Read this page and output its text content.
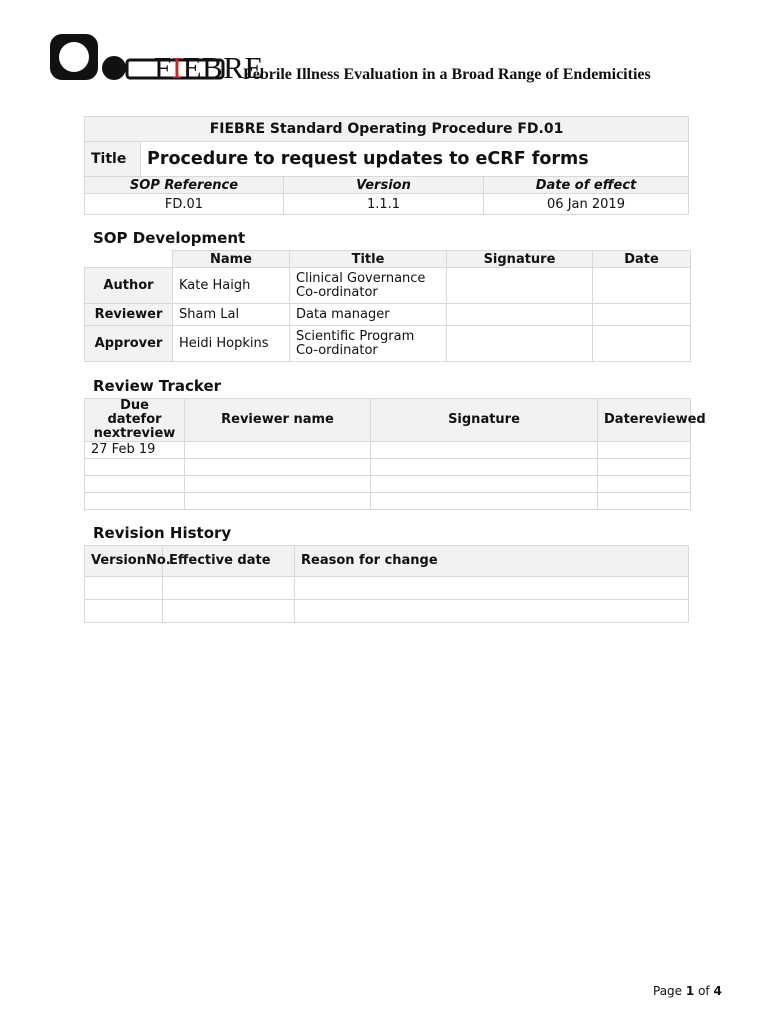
FIEBRE
Febrile Illness Evaluation in a Broad Range of Endemicities
FIEBRE Standard Operating Procedure FD.01			
Title	Procedure to request updates to eCRF forms		
SOP Reference		Version	Date of effect
FD.01		1.1.1	06 Jan 2019
SOP Development
	Name	Title	Signature	Date
Author	Kate Haigh	Clinical Governance
Co-ordinator		

Reviewer	Sham Lal	Data manager		

Approver	Heidi Hopkins	Scientific Program
Co-ordinator		

Review Tracker
Due datefor nextreview	Reviewer name	Signature	Datereviewed
27 Feb 19			

Revision History
VersionNo.	Effective date	Reason for change

Page 1 of 4
